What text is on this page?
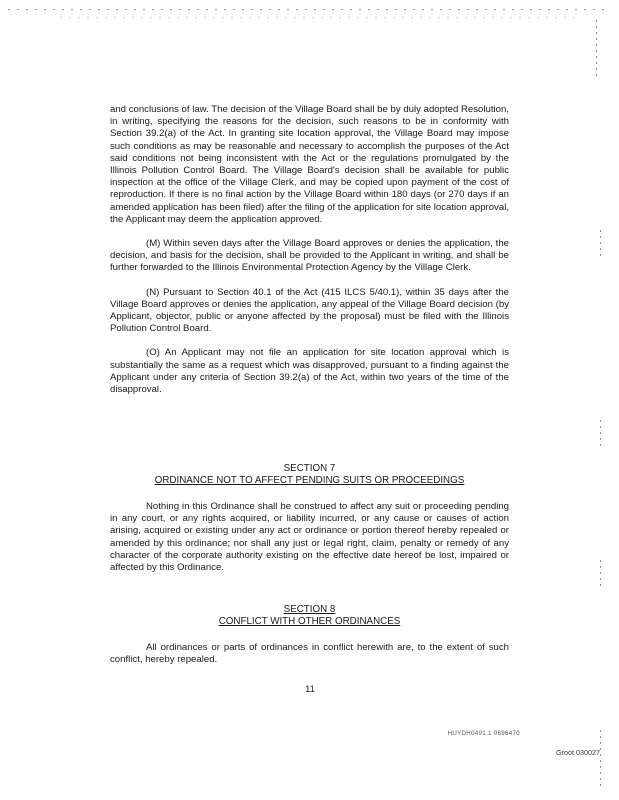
and conclusions of law. The decision of the Village Board shall be by duly adopted Resolution, in writing, specifying the reasons for the decision, such reasons to be in conformity with Section 39.2(a) of the Act. In granting site location approval, the Village Board may impose such conditions as may be reasonable and necessary to accomplish the purposes of the Act said conditions not being inconsistent with the Act or the regulations promulgated by the Illinois Pollution Control Board. The Village Board's decision shall be available for public inspection at the office of the Village Clerk, and may be copied upon payment of the cost of reproduction. If there is no final action by the Village Board within 180 days (or 270 days if an amended application has been filed) after the filing of the application for site location approval, the Applicant may deem the application approved.

(M) Within seven days after the Village Board approves or denies the application, the decision, and basis for the decision, shall be provided to the Applicant in writing, and shall be further forwarded to the Illinois Environmental Protection Agency by the Village Clerk.

(N) Pursuant to Section 40.1 of the Act (415 ILCS 5/40.1), within 35 days after the Village Board approves or denies the application, any appeal of the Village Board decision (by Applicant, objector, public or anyone affected by the proposal) must be filed with the Illinois Pollution Control Board.

(O) An Applicant may not file an application for site location approval which is substantially the same as a request which was disapproved, pursuant to a finding against the Applicant under any criteria of Section 39.2(a) of the Act, within two years of the time of the disapproval.

SECTION 7
ORDINANCE NOT TO AFFECT PENDING SUITS OR PROCEEDINGS

Nothing in this Ordinance shall be construed to affect any suit or proceeding pending in any court, or any rights acquired, or liability incurred, or any cause or causes of action arising, acquired or existing under any act or ordinance or portion thereof hereby repealed or amended by this ordinance; nor shall any just or legal right, claim, penalty or remedy of any character of the corporate authority existing on the effective date hereof be lost, impaired or affected by this Ordinance.

SECTION 8
CONFLICT WITH OTHER ORDINANCES

All ordinances or parts of ordinances in conflict herewith are, to the extent of such conflict, hereby repealed.

11
HUYDH0491.1 0696470
Groot 030027
